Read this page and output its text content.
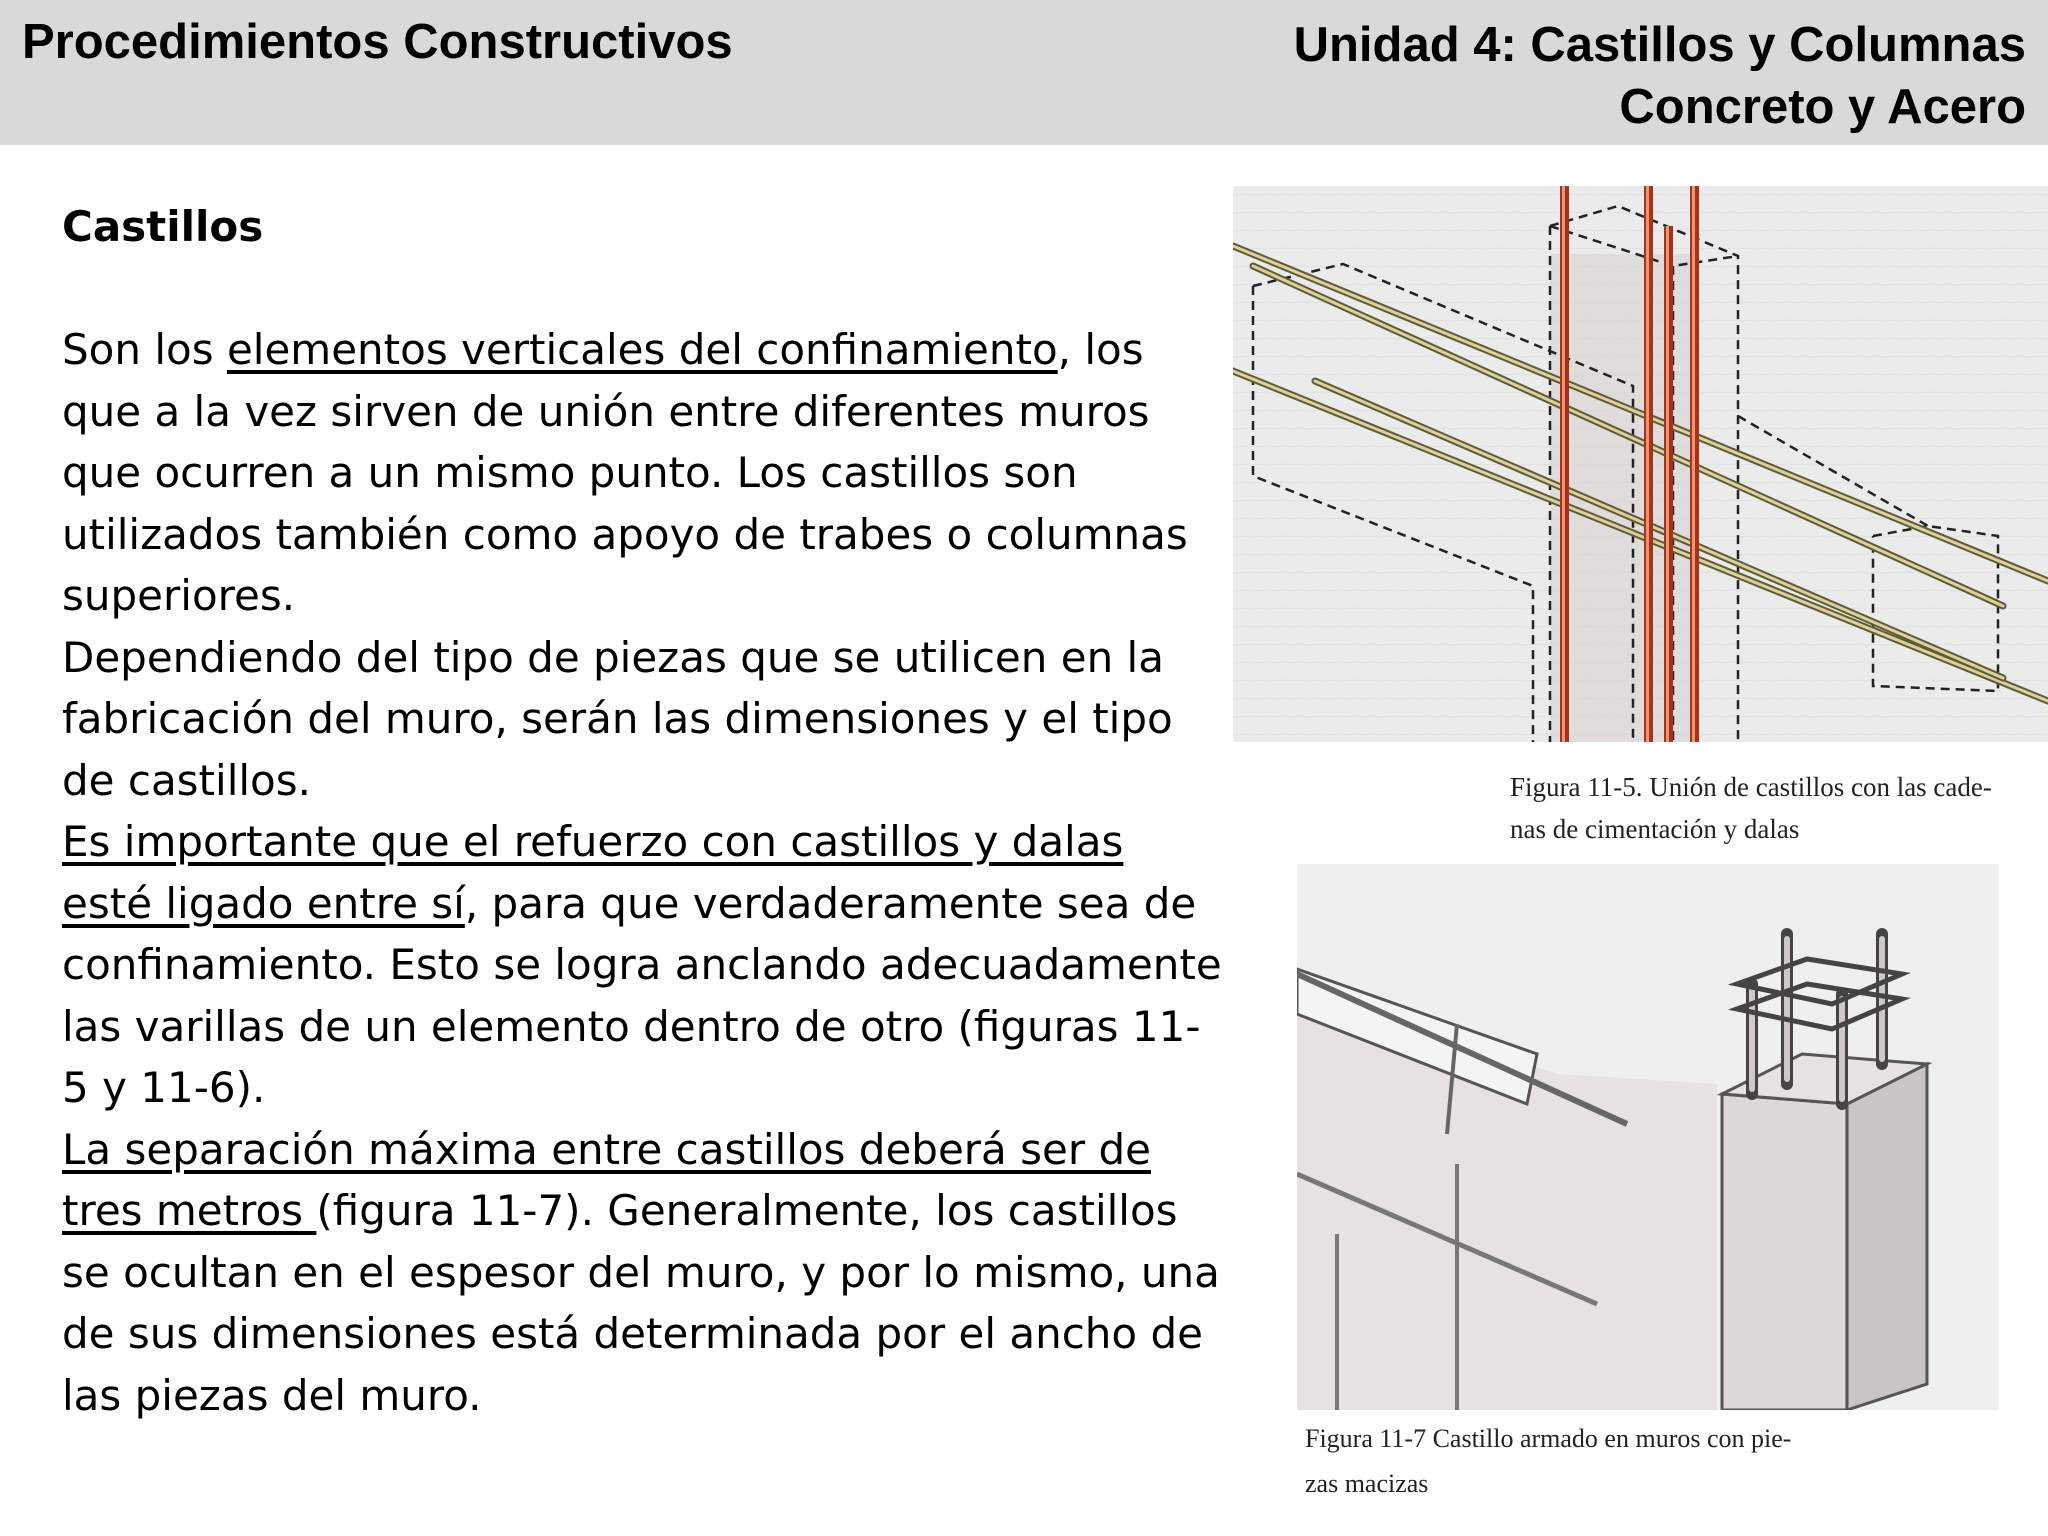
Procedimientos Constructivos	Unidad 4: Castillos y Columnas
Concreto y Acero

Castillos

Son los elementos verticales del confinamiento, los que a la vez sirven de unión entre diferentes muros que ocurren a un mismo punto. Los castillos son utilizados también como apoyo de trabes o columnas superiores.

Dependiendo del tipo de piezas que se utilicen en la fabricación del muro, serán las dimensiones y el tipo de castillos.

Es importante que el refuerzo con castillos y dalas esté ligado entre sí, para que verdaderamente sea de confinamiento. Esto se logra anclando adecuadamente las varillas de un elemento dentro de otro (figuras 11-5 y 11-6).

La separación máxima entre castillos deberá ser de tres metros (figura 11-7). Generalmente, los castillos se ocultan en el espesor del muro, y por lo mismo, una de sus dimensiones está determinada por el ancho de las piezas del muro.

Figura 11-5. Unión de castillos con las cade-
nas de cimentación y dalas
Figura 11-7 Castillo armado en muros con pie-
zas macizas
